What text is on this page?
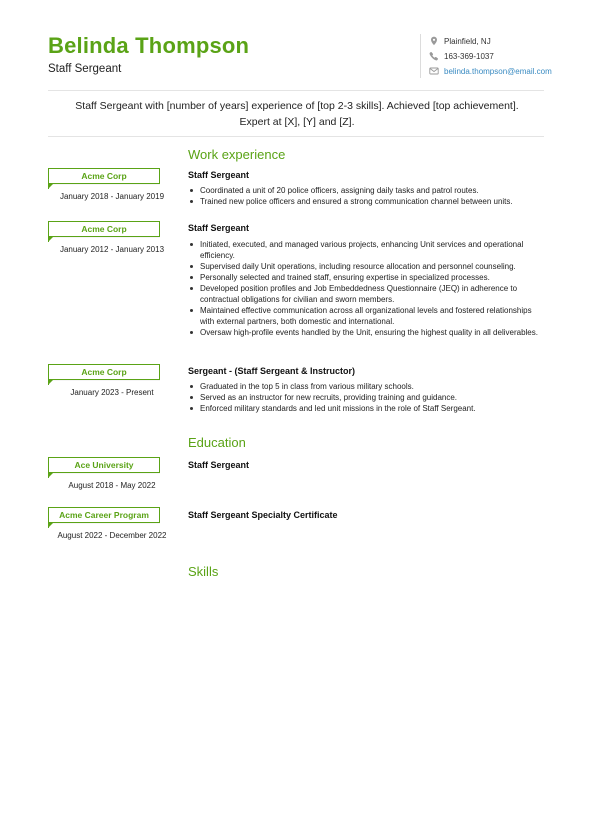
Belinda Thompson
Staff Sergeant
Plainfield, NJ
163-369-1037
belinda.thompson@email.com
Staff Sergeant with [number of years] experience of [top 2-3 skills]. Achieved [top achievement]. Expert at [X], [Y] and [Z].
Work experience
Acme Corp
January 2018 - January 2019
Staff Sergeant
Coordinated a unit of 20 police officers, assigning daily tasks and patrol routes.
Trained new police officers and ensured a strong communication channel between units.
Acme Corp
January 2012 - January 2013
Staff Sergeant
Initiated, executed, and managed various projects, enhancing Unit services and operational efficiency.
Supervised daily Unit operations, including resource allocation and personnel counseling.
Personally selected and trained staff, ensuring expertise in specialized processes.
Developed position profiles and Job Embeddedness Questionnaire (JEQ) in adherence to contractual obligations for civilian and sworn members.
Maintained effective communication across all organizational levels and fostered relationships with external partners, both domestic and international.
Oversaw high-profile events handled by the Unit, ensuring the highest quality in all deliverables.
Acme Corp
January 2023 - Present
Sergeant - (Staff Sergeant & Instructor)
Graduated in the top 5 in class from various military schools.
Served as an instructor for new recruits, providing training and guidance.
Enforced military standards and led unit missions in the role of Staff Sergeant.
Education
Ace University
August 2018 - May 2022
Staff Sergeant
Acme Career Program
August 2022 - December 2022
Staff Sergeant Specialty Certificate
Skills
